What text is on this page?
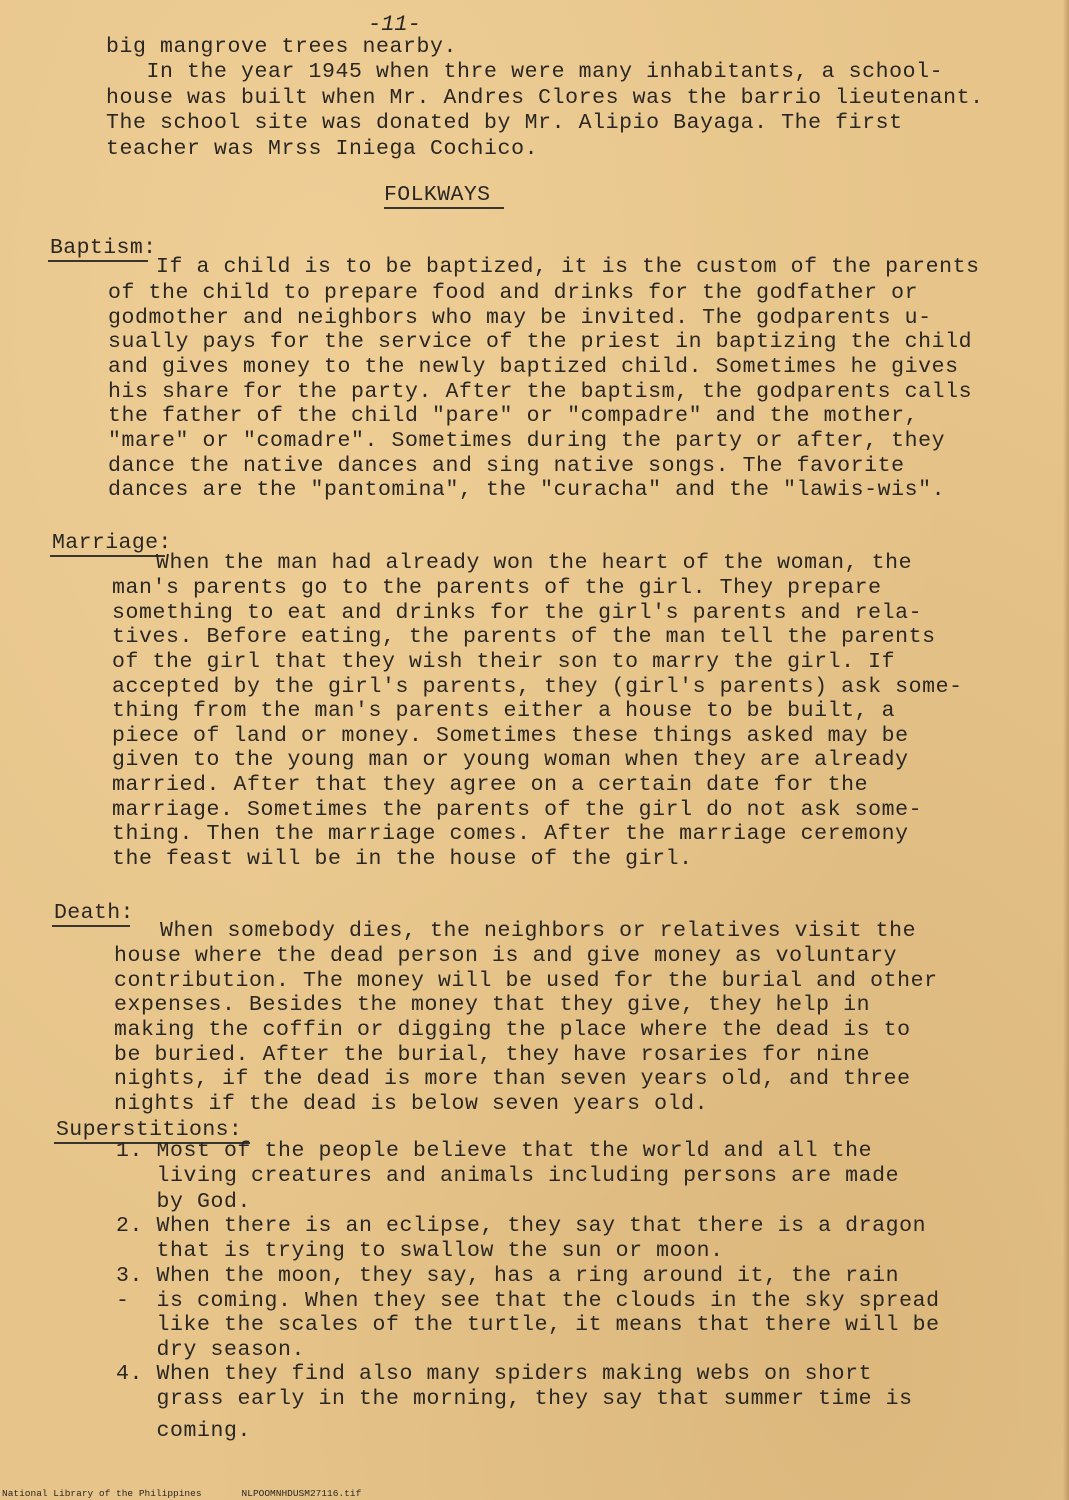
-11-
big mangrove trees nearby.
In the year 1945 when thre were many inhabitants, a school-
house was built when Mr. Andres Clores was the barrio lieutenant.
The school site was donated by Mr. Alipio Bayaga. The first
teacher was Mrss Iniega Cochico.
FOLKWAYS
Baptism:
If a child is to be baptized, it is the custom of the parents
of the child to prepare food and drinks for the godfather or
godmother and neighbors who may be invited. The godparents u-
sually pays for the service of the priest in baptizing the child
and gives money to the newly baptized child. Sometimes he gives
his share for the party. After the baptism, the godparents calls
the father of the child "pare" or "compadre" and the mother,
"mare" or "comadre". Sometimes during the party or after, they
dance the native dances and sing native songs. The favorite
dances are the "pantomina", the "curacha" and the "lawis-wis".
Marriage:
When the man had already won the heart of the woman, the
man's parents go to the parents of the girl. They prepare
something to eat and drinks for the girl's parents and rela-
tives. Before eating, the parents of the man tell the parents
of the girl that they wish their son to marry the girl. If
accepted by the girl's parents, they (girl's parents) ask some-
thing from the man's parents either a house to be built, a
piece of land or money. Sometimes these things asked may be
given to the young man or young woman when they are already
married. After that they agree on a certain date for the
marriage. Sometimes the parents of the girl do not ask some-
thing. Then the marriage comes. After the marriage ceremony
the feast will be in the house of the girl.
Death:
When somebody dies, the neighbors or relatives visit the
house where the dead person is and give money as voluntary
contribution. The money will be used for the burial and other
expenses. Besides the money that they give, they help in
making the coffin or digging the place where the dead is to
be buried. After the burial, they have rosaries for nine
nights, if the dead is more than seven years old, and three
nights if the dead is below seven years old.
Superstitions:
1. Most of the people believe that the world and all the
living creatures and animals including persons are made
by God.
2. When there is an eclipse, they say that there is a dragon
that is trying to swallow the sun or moon.
3. When the moon, they say, has a ring around it, the rain
-  is coming. When they see that the clouds in the sky spread
like the scales of the turtle, it means that there will be
dry season.
4. When they find also many spiders making webs on short
grass early in the morning, they say that summer time is
coming.
National Library of the Philippines	NLPOOMNHDUSM27116.tif
